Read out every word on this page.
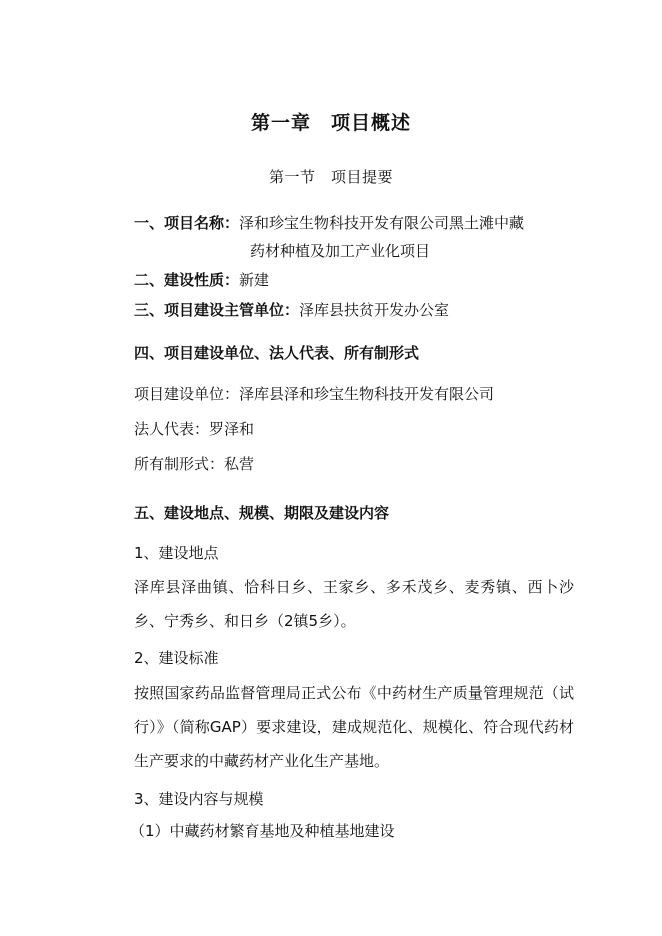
第一章　项目概述
第一节　项目提要
一、项目名称：泽和珍宝生物科技开发有限公司黑土滩中藏
药材种植及加工产业化项目
二、建设性质：新建
三、项目建设主管单位：泽库县扶贫开发办公室
四、项目建设单位、法人代表、所有制形式
项目建设单位：泽库县泽和珍宝生物科技开发有限公司
法人代表：罗泽和
所有制形式：私营
五、建设地点、规模、期限及建设内容
1、建设地点
泽库县泽曲镇、恰科日乡、王家乡、多禾茂乡、麦秀镇、西卜沙乡、宁秀乡、和日乡（2镇5乡）。
2、建设标准
按照国家药品监督管理局正式公布《中药材生产质量管理规范（试行）》（简称GAP）要求建设，建成规范化、规模化、符合现代药材生产要求的中藏药材产业化生产基地。
3、建设内容与规模
（1）中藏药材繁育基地及种植基地建设
